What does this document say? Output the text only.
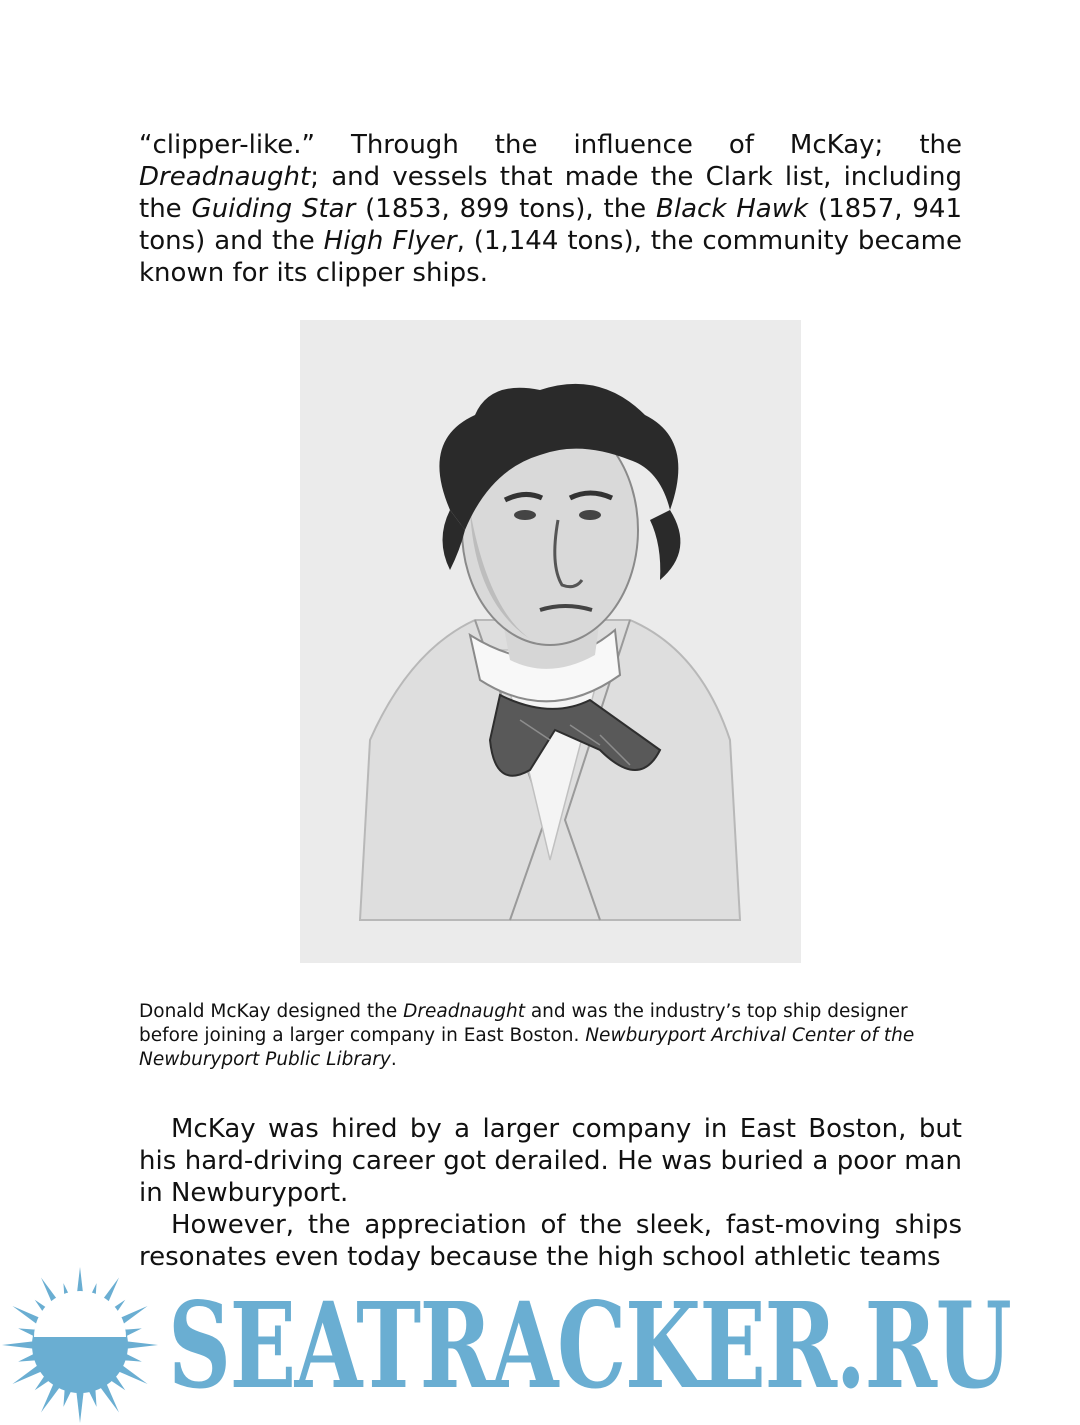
“clipper-like.” Through the influence of McKay; the Dreadnaught; and vessels that made the Clark list, including the Guiding Star (1853, 899 tons), the Black Hawk (1857, 941 tons) and the High Flyer, (1,144 tons), the community became known for its clipper ships.

Donald McKay designed the Dreadnaught and was the industry’s top ship designer before joining a larger company in East Boston. Newburyport Archival Center of the Newburyport Public Library.

McKay was hired by a larger company in East Boston, but his hard-driving career got derailed. He was buried a poor man in Newburyport.

However, the appreciation of the sleek, fast-moving ships resonates even today because the high school athletic teams

SEATRACKER.RU
